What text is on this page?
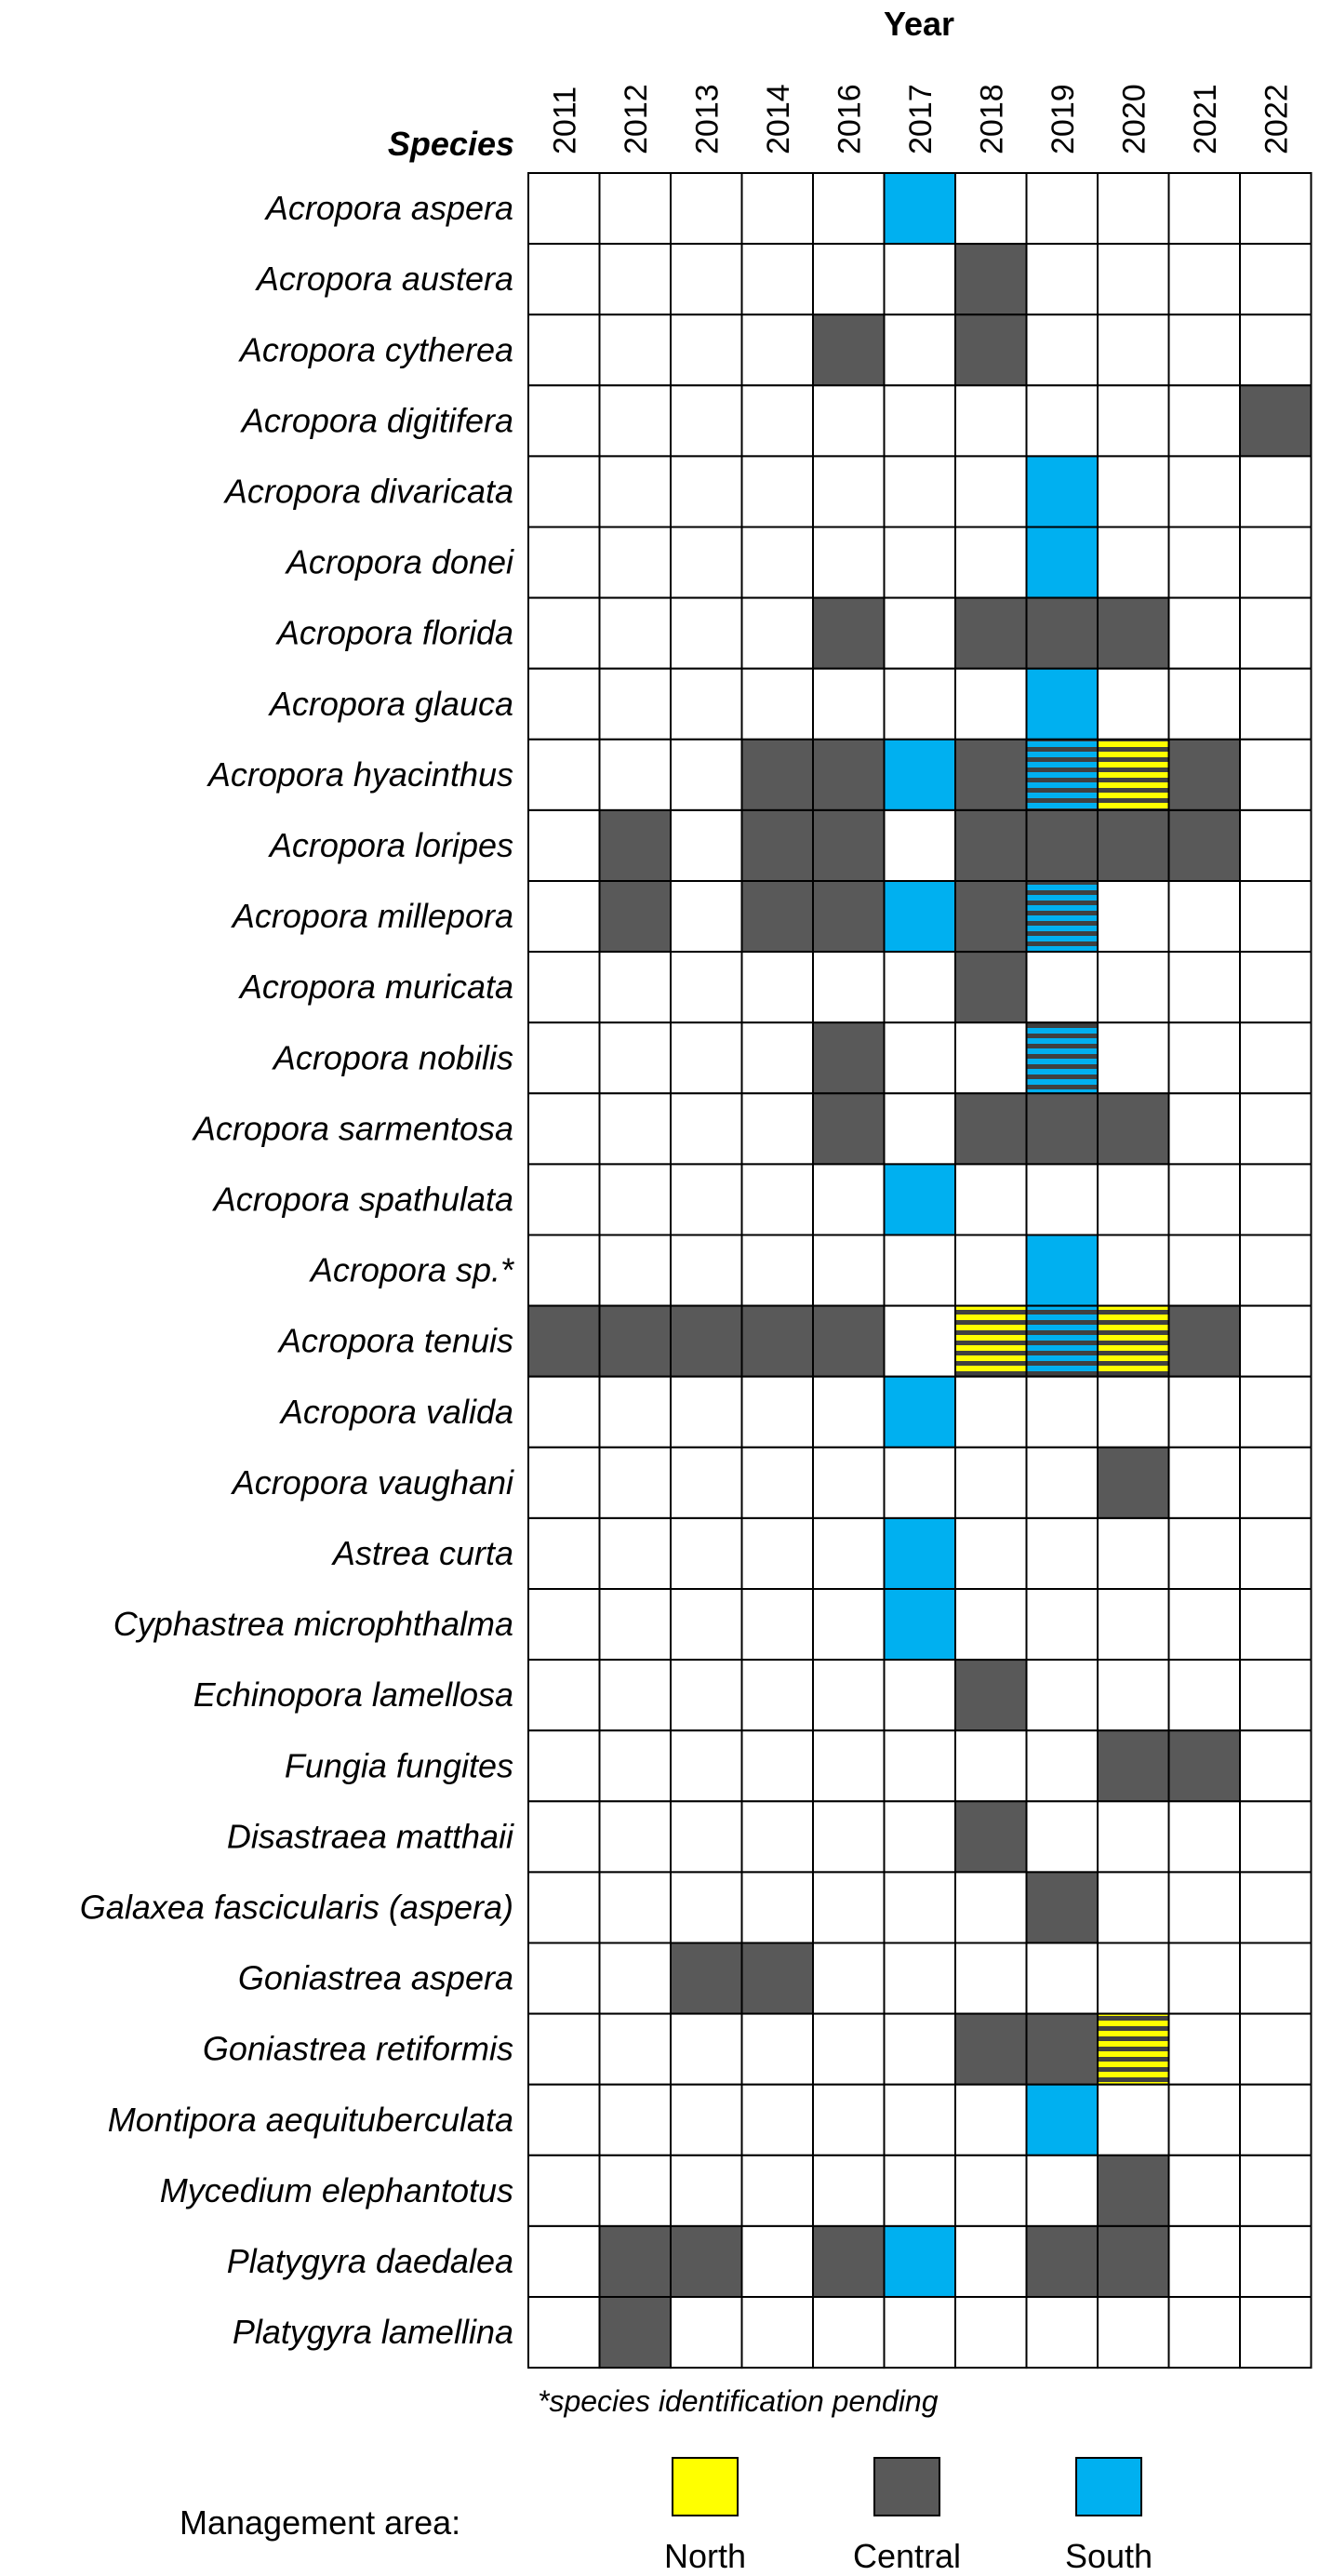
Year
Species 2011 2012 2013 2014 2016 2017 2018 2019 2020 2021 2022
Acropora aspera
Acropora austera
Acropora cytherea
Acropora digitifera
Acropora divaricata
Acropora donei
Acropora florida
Acropora glauca
Acropora hyacinthus
Acropora loripes
Acropora millepora
Acropora muricata
Acropora nobilis
Acropora sarmentosa
Acropora spathulata
Acropora sp.*
Acropora tenuis
Acropora valida
Acropora vaughani
Astrea curta
Cyphastrea microphthalma
Echinopora lamellosa
Fungia fungites
Disastraea matthaii
Galaxea fascicularis (aspera)
Goniastrea aspera
Goniastrea retiformis
Montipora aequituberculata
Mycedium elephantotus
Platygyra daedalea
Platygyra lamellina
*species identification pending
Management area:
North	Central	South
